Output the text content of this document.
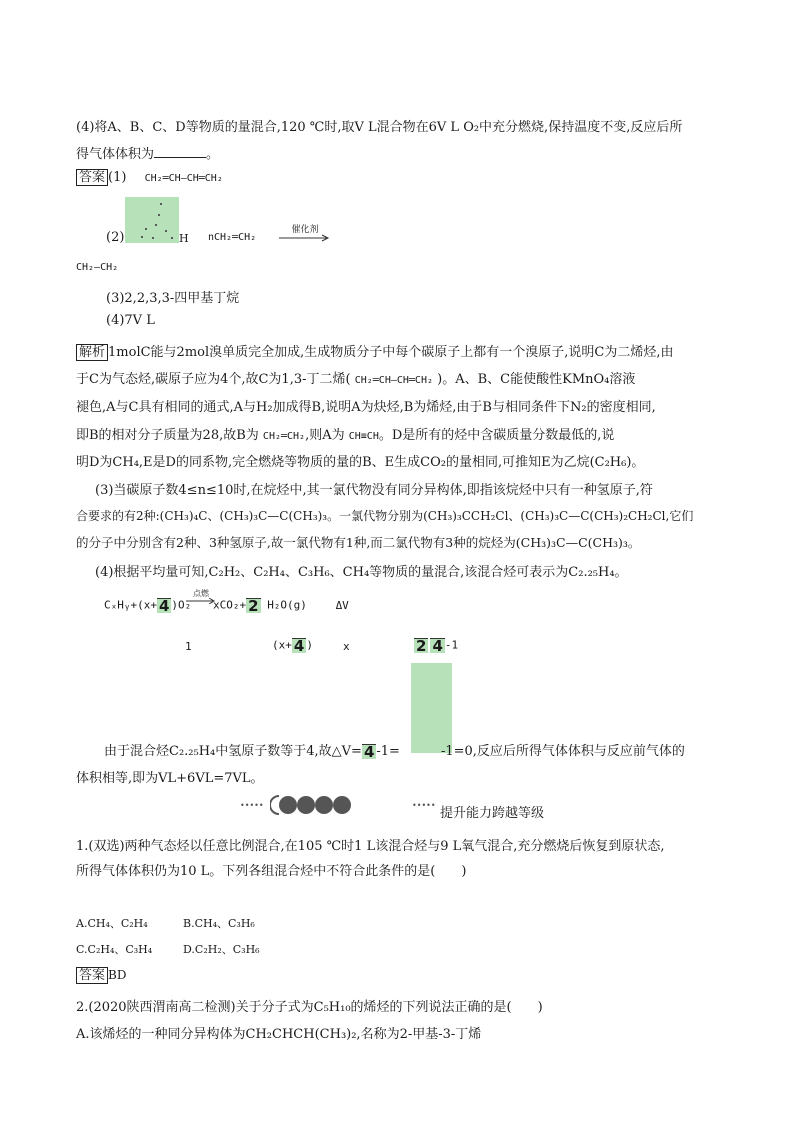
(4)将A、B、C、D等物质的量混合,120 ℃时,取V L混合物在6V L O₂中充分燃烧,保持温度不变,反应后所
得气体体积为	。
答案 (1) CH₂═CH—CH═CH₂
(2)	H nCH₂═CH₂
催化剂
CH₂—CH₂
(3)2,2,3,3-四甲基丁烷
(4)7V L
解析 1molC能与2mol溴单质完全加成,生成物质分子中每个碳原子上都有一个溴原子,说明C为二烯烃,由
于C为气态烃,碳原子应为4个,故C为1,3-丁二烯( CH₂═CH—CH═CH₂ )。A、B、C能使酸性KMnO₄溶液
褪色,A与C具有相同的通式,A与H₂加成得B,说明A为炔烃,B为烯烃,由于B与相同条件下N₂的密度相同,
即B的相对分子质量为28,故B为 CH₂═CH₂,则A为 CH≡CH。D是所有的烃中含碳质量分数最低的,说
明D为CH₄,E是D的同系物,完全燃烧等物质的量的B、E生成CO₂的量相同,可推知E为乙烷(C₂H₆)。
(3)当碳原子数4≤n≤10时,在烷烃中,其一氯代物没有同分异构体,即指该烷烃中只有一种氢原子,符
合要求的有2种:(CH₃)₄C、(CH₃)₃C—C(CH₃)₃。一氯代物分别为(CH₃)₃CCH₂Cl、(CH₃)₃C—C(CH₃)₂CH₂Cl,它们
的分子中分别含有2种、3种氢原子,故一氯代物有1种,而二氯代物有3种的烷烃为(CH₃)₃C—C(CH₃)₃。
(4)根据平均量可知,C₂H₂、C₂H₄、C₃H₆、CH₄等物质的量混合,该混合烃可表示为C₂.₂₅H₄。
CₓHᵧ+(x+ 4 )O₂
点燃
xCO₂+ 2 H₂O(g)	ΔV
1	(x+ 4 )	x	2 4 -1
由于混合烃C₂.₂₅H₄中氢原子数等于4,故△V= 4 -1=	-1=0,反应后所得气体体积与反应前气体的
体积相等,即为VL+6VL=7VL。
•••••	•••••
提升能力跨越等级
1.(双选)两种气态烃以任意比例混合,在105 ℃时1 L该混合烃与9 L氧气混合,充分燃烧后恢复到原状态,
所得气体体积仍为10 L。下列各组混合烃中不符合此条件的是(　　)
A.CH₄、C₂H₄	B.CH₄、C₃H₆
C.C₂H₄、C₃H₄	D.C₂H₂、C₃H₆
答案 BD
2.(2020陕西渭南高二检测)关于分子式为C₅H₁₀的烯烃的下列说法正确的是(　　)
A.该烯烃的一种同分异构体为CH₂CHCH(CH₃)₂,名称为2-甲基-3-丁烯
